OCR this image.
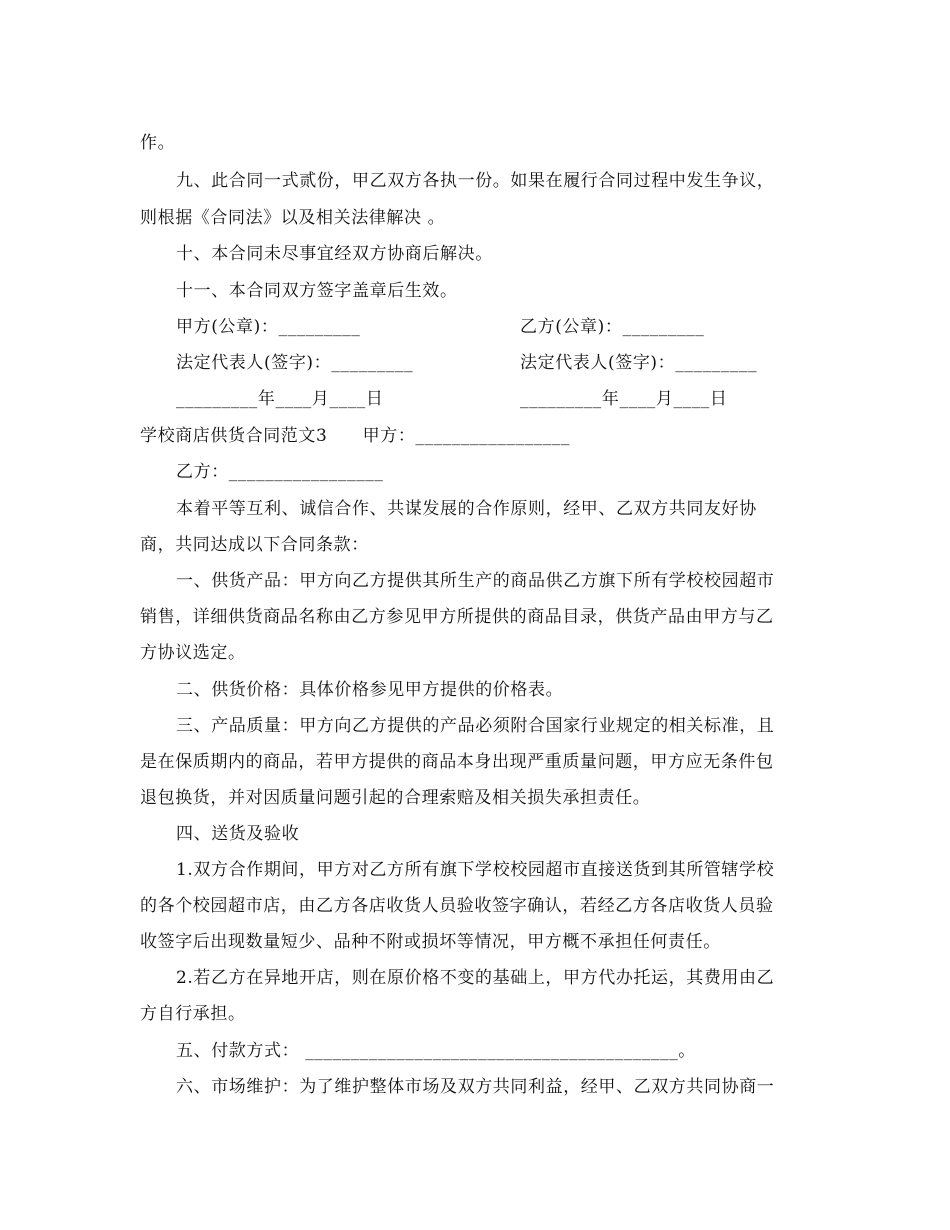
作。
九、此合同一式贰份，甲乙双方各执一份。如果在履行合同过程中发生争议，
则根据《合同法》以及相关法律解决 。
十、本合同未尽事宜经双方协商后解决。
十一、本合同双方签字盖章后生效。
甲方(公章)：_________	乙方(公章)：_________
法定代表人(签字)：_________	法定代表人(签字)：_________
_________年____月____日	_________年____月____日
学校商店供货合同范文3　　甲方：_________________
乙方：_________________
本着平等互利、诚信合作、共谋发展的合作原则，经甲、乙双方共同友好协
商，共同达成以下合同条款：
一、供货产品：甲方向乙方提供其所生产的商品供乙方旗下所有学校校园超市
销售，详细供货商品名称由乙方参见甲方所提供的商品目录，供货产品由甲方与乙
方协议选定。
二、供货价格：具体价格参见甲方提供的价格表。
三、产品质量：甲方向乙方提供的产品必须附合国家行业规定的相关标准，且
是在保质期内的商品，若甲方提供的商品本身出现严重质量问题，甲方应无条件包
退包换货，并对因质量问题引起的合理索赔及相关损失承担责任。
四、送货及验收
1.双方合作期间，甲方对乙方所有旗下学校校园超市直接送货到其所管辖学校
的各个校园超市店，由乙方各店收货人员验收签字确认，若经乙方各店收货人员验
收签字后出现数量短少、品种不附或损坏等情况，甲方概不承担任何责任。
2.若乙方在异地开店，则在原价格不变的基础上，甲方代办托运，其费用由乙
方自行承担。
五、付款方式： _________________________________________。
六、市场维护：为了维护整体市场及双方共同利益，经甲、乙双方共同协商一
